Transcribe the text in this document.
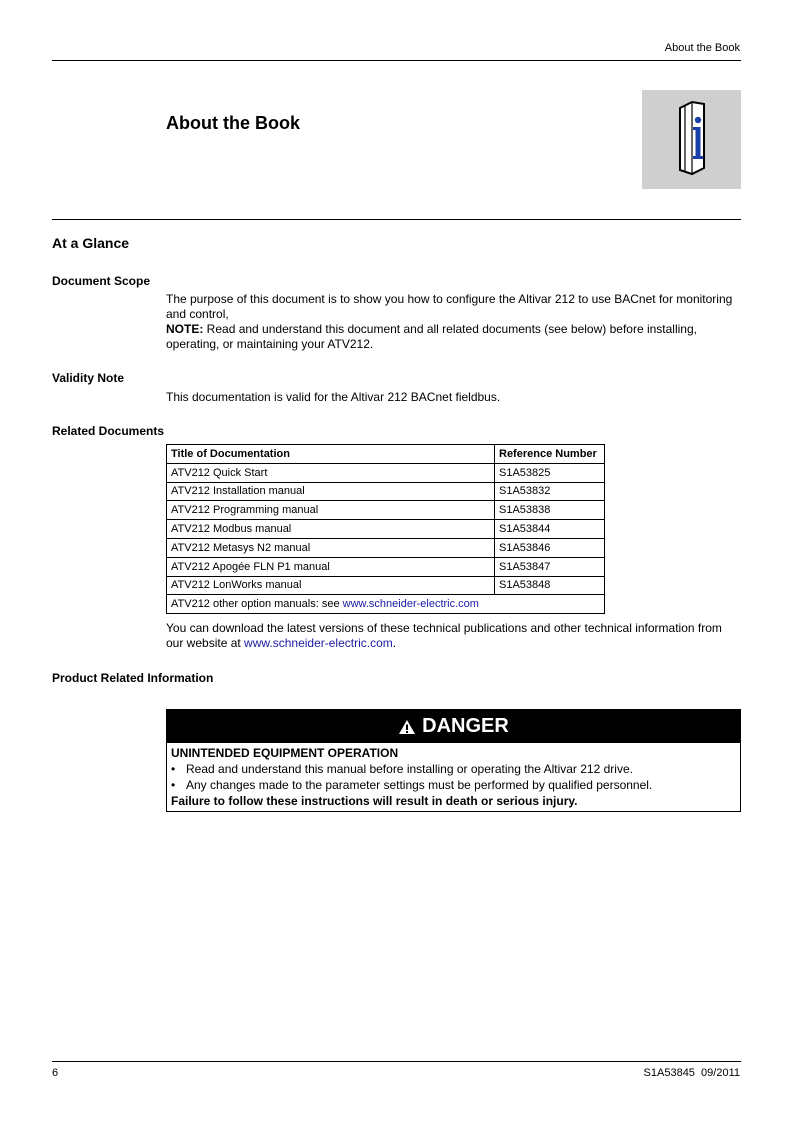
About the Book
About the Book
At a Glance
Document Scope
The purpose of this document is to show you how to configure the Altivar 212 to use BACnet for monitoring and control,
NOTE: Read and understand this document and all related documents (see below) before installing, operating, or maintaining your ATV212.
Validity Note
This documentation is valid for the Altivar 212 BACnet fieldbus.
Related Documents
Title of Documentation	Reference Number
ATV212 Quick Start	S1A53825
ATV212 Installation manual	S1A53832
ATV212 Programming manual	S1A53838
ATV212 Modbus manual	S1A53844
ATV212 Metasys N2 manual	S1A53846
ATV212 Apogée FLN P1 manual	S1A53847
ATV212 LonWorks manual	S1A53848
ATV212 other option manuals: see www.schneider-electric.com	
You can download the latest versions of these technical publications and other technical information from our website at www.schneider-electric.com.
Product Related Information
DANGER
UNINTENDED EQUIPMENT OPERATION
• Read and understand this manual before installing or operating the Altivar 212 drive.
• Any changes made to the parameter settings must be performed by qualified personnel.
Failure to follow these instructions will result in death or serious injury.
6	S1A53845  09/2011
